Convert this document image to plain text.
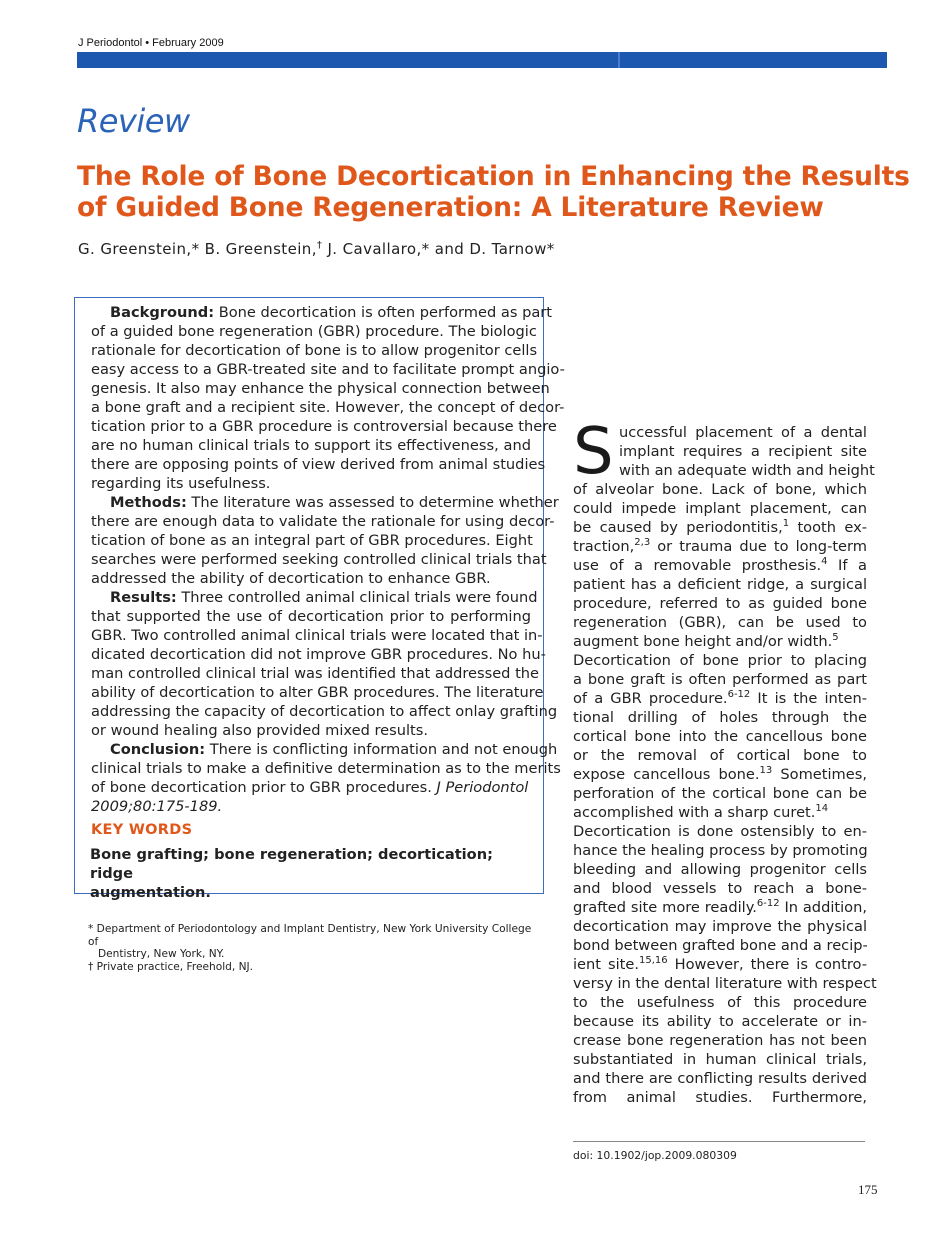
J Periodontol • February 2009
Review
The Role of Bone Decortication in Enhancing the Results
of Guided Bone Regeneration: A Literature Review
G. Greenstein,* B. Greenstein,† J. Cavallaro,* and D. Tarnow*
Background: Bone decortication is often performed as part
of a guided bone regeneration (GBR) procedure. The biologic
rationale for decortication of bone is to allow progenitor cells
easy access to a GBR-treated site and to facilitate prompt angio-
genesis. It also may enhance the physical connection between
a bone graft and a recipient site. However, the concept of decor-
tication prior to a GBR procedure is controversial because there
are no human clinical trials to support its effectiveness, and
there are opposing points of view derived from animal studies
regarding its usefulness.
Methods: The literature was assessed to determine whether
there are enough data to validate the rationale for using decor-
tication of bone as an integral part of GBR procedures. Eight
searches were performed seeking controlled clinical trials that
addressed the ability of decortication to enhance GBR.
Results: Three controlled animal clinical trials were found
that supported the use of decortication prior to performing
GBR. Two controlled animal clinical trials were located that in-
dicated decortication did not improve GBR procedures. No hu-
man controlled clinical trial was identified that addressed the
ability of decortication to alter GBR procedures. The literature
addressing the capacity of decortication to affect onlay grafting
or wound healing also provided mixed results.
Conclusion: There is conflicting information and not enough
clinical trials to make a definitive determination as to the merits
of bone decortication prior to GBR procedures. J Periodontol
2009;80:175-189.
KEY WORDS
Bone grafting; bone regeneration; decortication; ridge
augmentation.
* Department of Periodontology and Implant Dentistry, New York University College of
Dentistry, New York, NY.
† Private practice, Freehold, NJ.
S uccessful placement of a dental
implant requires a recipient site
with an adequate width and height
of alveolar bone. Lack of bone, which
could impede implant placement, can
be caused by periodontitis,$^1$ tooth ex-
traction,$^{2,3}$ or trauma due to long-term
use of a removable prosthesis.$^4$ If a
patient has a deficient ridge, a surgical
procedure, referred to as guided bone
regeneration (GBR), can be used to
augment bone height and/or width.$^5$
Decortication of bone prior to placing
a bone graft is often performed as part
of a GBR procedure.$^{6-12}$ It is the inten-
tional drilling of holes through the
cortical bone into the cancellous bone
or the removal of cortical bone to
expose cancellous bone.$^{13}$ Sometimes,
perforation of the cortical bone can be
accomplished with a sharp curet.$^{14}$
Decortication is done ostensibly to en-
hance the healing process by promoting
bleeding and allowing progenitor cells
and blood vessels to reach a bone-
grafted site more readily.$^{6-12}$ In addition,
decortication may improve the physical
bond between grafted bone and a recip-
ient site.$^{15,16}$ However, there is contro-
versy in the dental literature with respect
to the usefulness of this procedure
because its ability to accelerate or in-
crease bone regeneration has not been
substantiated in human clinical trials,
and there are conflicting results derived
from animal studies. Furthermore,
doi: 10.1902/jop.2009.080309
175
